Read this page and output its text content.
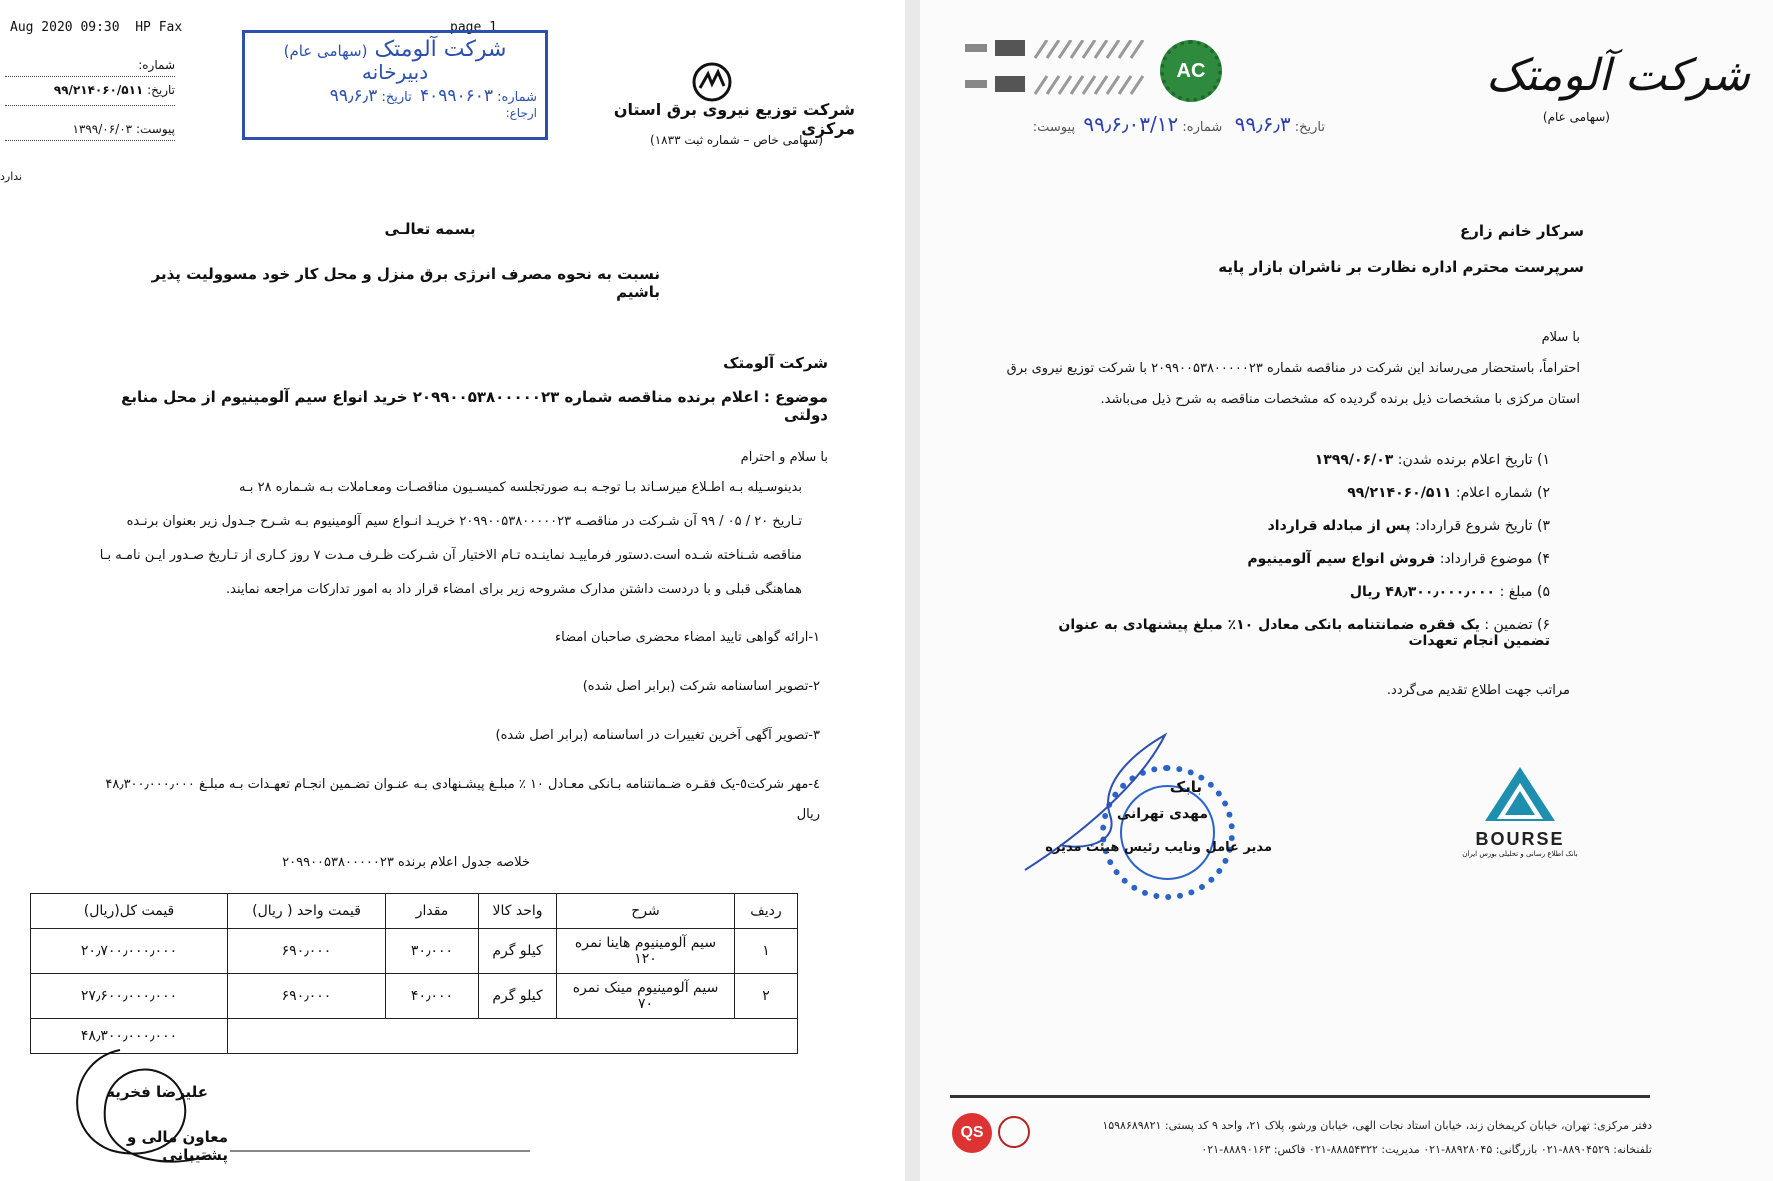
Aug 2020 09:30 HP Fax	page 1
شماره:
تاریخ: ۹۹/۲۱۴۰۶۰/۵۱۱
پیوست: ۱۳۹۹/۰۶/۰۳
ندارد
شرکت آلومتک (سهامی عام)
دبیرخانه
شماره: ۴۰۹۹۰۶۰۳  تاریخ: ۹۹٫۶٫۳
ارجاع:	شرکت توزیع نیروی برق استان مرکزی
(سهامی خاص – شماره ثبت ۱۸۳۳)
بسمه تعالـی
نسبت به نحوه مصرف انرژی برق منزل و محل کار خود مسوولیت پذیر باشیم
شرکت آلومتک
موضوع : اعلام برنده مناقصه شماره ۲۰۹۹۰۰۵۳۸۰۰۰۰۰۲۳ خرید انواع سیم آلومینیوم از محل منابع دولتی
با سلام و احترام
بدینوسـیله بـه اطـلاع میرسـاند بـا توجـه بـه صورتجلسه کمیسـیون مناقصـات ومعـاملات بـه شـماره ۲۸ بـه
تـاریخ ۲۰ / ۰۵ / ۹۹ آن شـرکت در مناقصـه ۲۰۹۹۰۰۵۳۸۰۰۰۰۰۲۳ خریـد انـواع سیم آلومینیوم بـه شـرح جـدول زیر بعنوان برنـده
مناقصه شـناخته شـده است.دستور فرماییـد نماینـده تـام الاختیار آن شـرکت ظـرف مـدت ۷ روز کـاری از تـاریخ صـدور ایـن نامـه بـا
هماهنگی قبلی و با دردست داشتن مدارک مشروحه زیر برای امضاء قرار داد به امور تدارکات مراجعه نمایند.
۱-ارائه گواهی تایید امضاء محضری صاحبان امضاء
۲-تصویر اساسنامه شرکت (برابر اصل شده)
۳-تصویر آگهی آخرین تغییرات در اساسنامه (برابر اصل شده)
٤-مهر شرکت٥-یک فقـره ضـمانتنامه بـانکی معـادل ۱۰ ٪ مبلـغ پیشـنهادی بـه عنـوان تضـمین انجـام تعهـدات بـه مبلـغ ۴۸٫۳۰۰٫۰۰۰٫۰۰۰
ریال
خلاصه جدول اعلام برنده ۲۰۹۹۰۰۵۳۸۰۰۰۰۰۲۳
ردیف	شرح	واحد کالا	مقدار	قیمت واحد ( ریال)	قیمت کل(ریال)
۱	سیم آلومینیوم هاینا نمره ۱۲۰	کیلو گرم	۳۰٫۰۰۰	۶۹۰٫۰۰۰	۲۰٫۷۰۰٫۰۰۰٫۰۰۰
۲	سیم آلومینیوم مینک نمره ۷۰	کیلو گرم	۴۰٫۰۰۰	۶۹۰٫۰۰۰	۲۷٫۶۰۰٫۰۰۰٫۰۰۰
					۴۸٫۳۰۰٫۰۰۰٫۰۰۰
علیرضا فخریه
معاون مالی و پشتیبانی
AC	شرکت آلومتک
(سهامی عام)
تاریخ: ۹۹٫۶٫۳   شماره: ۹۹٫۶٫۰۳/۱۲  پیوست:
سرکار خانم زارع
سرپرست محترم اداره نظارت بر ناشران بازار پایه
با سلام
احتراماً، باستحضار می‌رساند این شرکت در مناقصه شماره ۲۰۹۹۰۰۵۳۸۰۰۰۰۰۲۳ با شرکت توزیع نیروی برق
استان مرکزی با مشخصات ذیل برنده گردیده که مشخصات مناقصه به شرح ذیل می‌باشد.
۱) تاریخ اعلام برنده شدن: ۱۳۹۹/۰۶/۰۳
۲) شماره اعلام: ۹۹/۲۱۴۰۶۰/۵۱۱
۳) تاریخ شروع قرارداد: پس از مبادله قرارداد
۴) موضوع قرارداد: فروش انواع سیم آلومینیوم
۵) مبلغ : ۴۸٫۳۰۰٫۰۰۰٫۰۰۰ ریال
۶) تضمین : یک فقره ضمانتنامه بانکی معادل ۱۰٪ مبلغ پیشنهادی به عنوان تضمین انجام تعهدات
مراتب جهت اطلاع تقدیم می‌گردد.
BOURSE
بانک اطلاع رسانی و تحلیلی بورس ایران
بابک
مهدی تهرانی
مدیر عامل ونایب رئیس هیئت مدیره
QS	دفتر مرکزی: تهران، خیابان کریمخان زند، خیابان استاد نجات الهی، خیابان ورشو، پلاک ۲۱، واحد ۹ کد پستی: ۱۵۹۸۶۸۹۸۲۱
تلفنخانه: ۸۸۹۰۴۵۲۹-۰۲۱ بازرگانی: ۸۸۹۲۸۰۴۵-۰۲۱ مدیریت: ۸۸۸۵۴۳۲۲-۰۲۱ فاکس: ۸۸۸۹۰۱۶۳-۰۲۱
